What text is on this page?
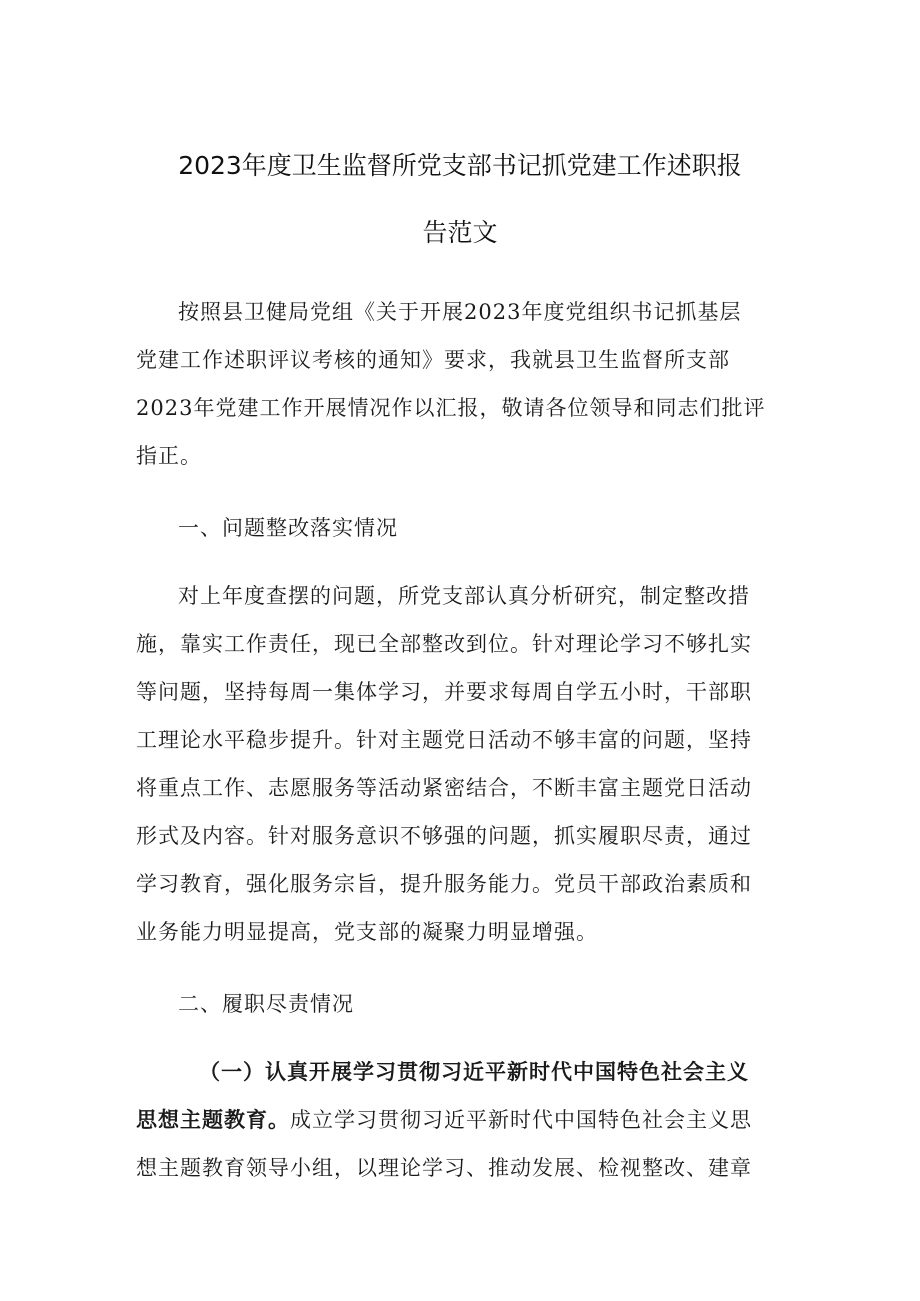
2023年度卫生监督所党支部书记抓党建工作述职报
告范文
按照县卫健局党组《关于开展2023年度党组织书记抓基层
党建工作述职评议考核的通知》要求，我就县卫生监督所支部
2023年党建工作开展情况作以汇报，敬请各位领导和同志们批评
指正。
一、问题整改落实情况
对上年度查摆的问题，所党支部认真分析研究，制定整改措
施，靠实工作责任，现已全部整改到位。针对理论学习不够扎实
等问题，坚持每周一集体学习，并要求每周自学五小时，干部职
工理论水平稳步提升。针对主题党日活动不够丰富的问题，坚持
将重点工作、志愿服务等活动紧密结合，不断丰富主题党日活动
形式及内容。针对服务意识不够强的问题，抓实履职尽责，通过
学习教育，强化服务宗旨，提升服务能力。党员干部政治素质和
业务能力明显提高，党支部的凝聚力明显增强。
二、履职尽责情况
（一）认真开展学习贯彻习近平新时代中国特色社会主义
思想主题教育。成立学习贯彻习近平新时代中国特色社会主义思
想主题教育领导小组，以理论学习、推动发展、检视整改、建章
